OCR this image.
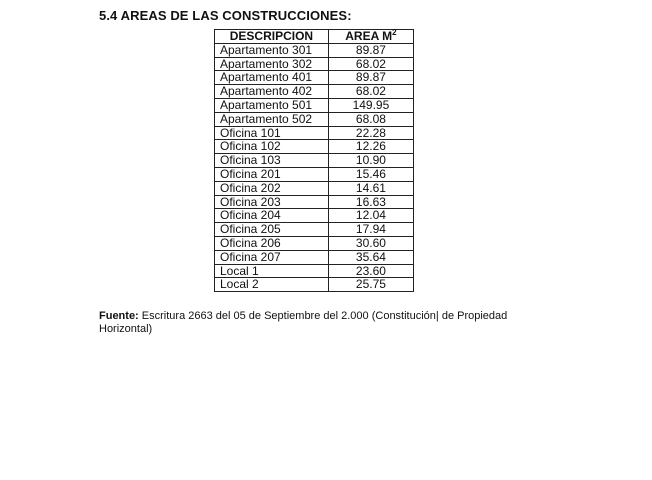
5.4 AREAS DE LAS CONSTRUCCIONES:
DESCRIPCION	AREA $M^2$
Apartamento 301	89.87
Apartamento 302	68.02
Apartamento 401	89.87
Apartamento 402	68.02
Apartamento 501	149.95
Apartamento 502	68.08
Oficina 101	22.28
Oficina 102	12.26
Oficina 103	10.90
Oficina 201	15.46
Oficina 202	14.61
Oficina 203	16.63
Oficina 204	12.04
Oficina 205	17.94
Oficina 206	30.60
Oficina 207	35.64
Local 1	23.60
Local 2	25.75
Fuente: Escritura 2663 del 05 de Septiembre del 2.000 (Constitución| de Propiedad Horizontal)
